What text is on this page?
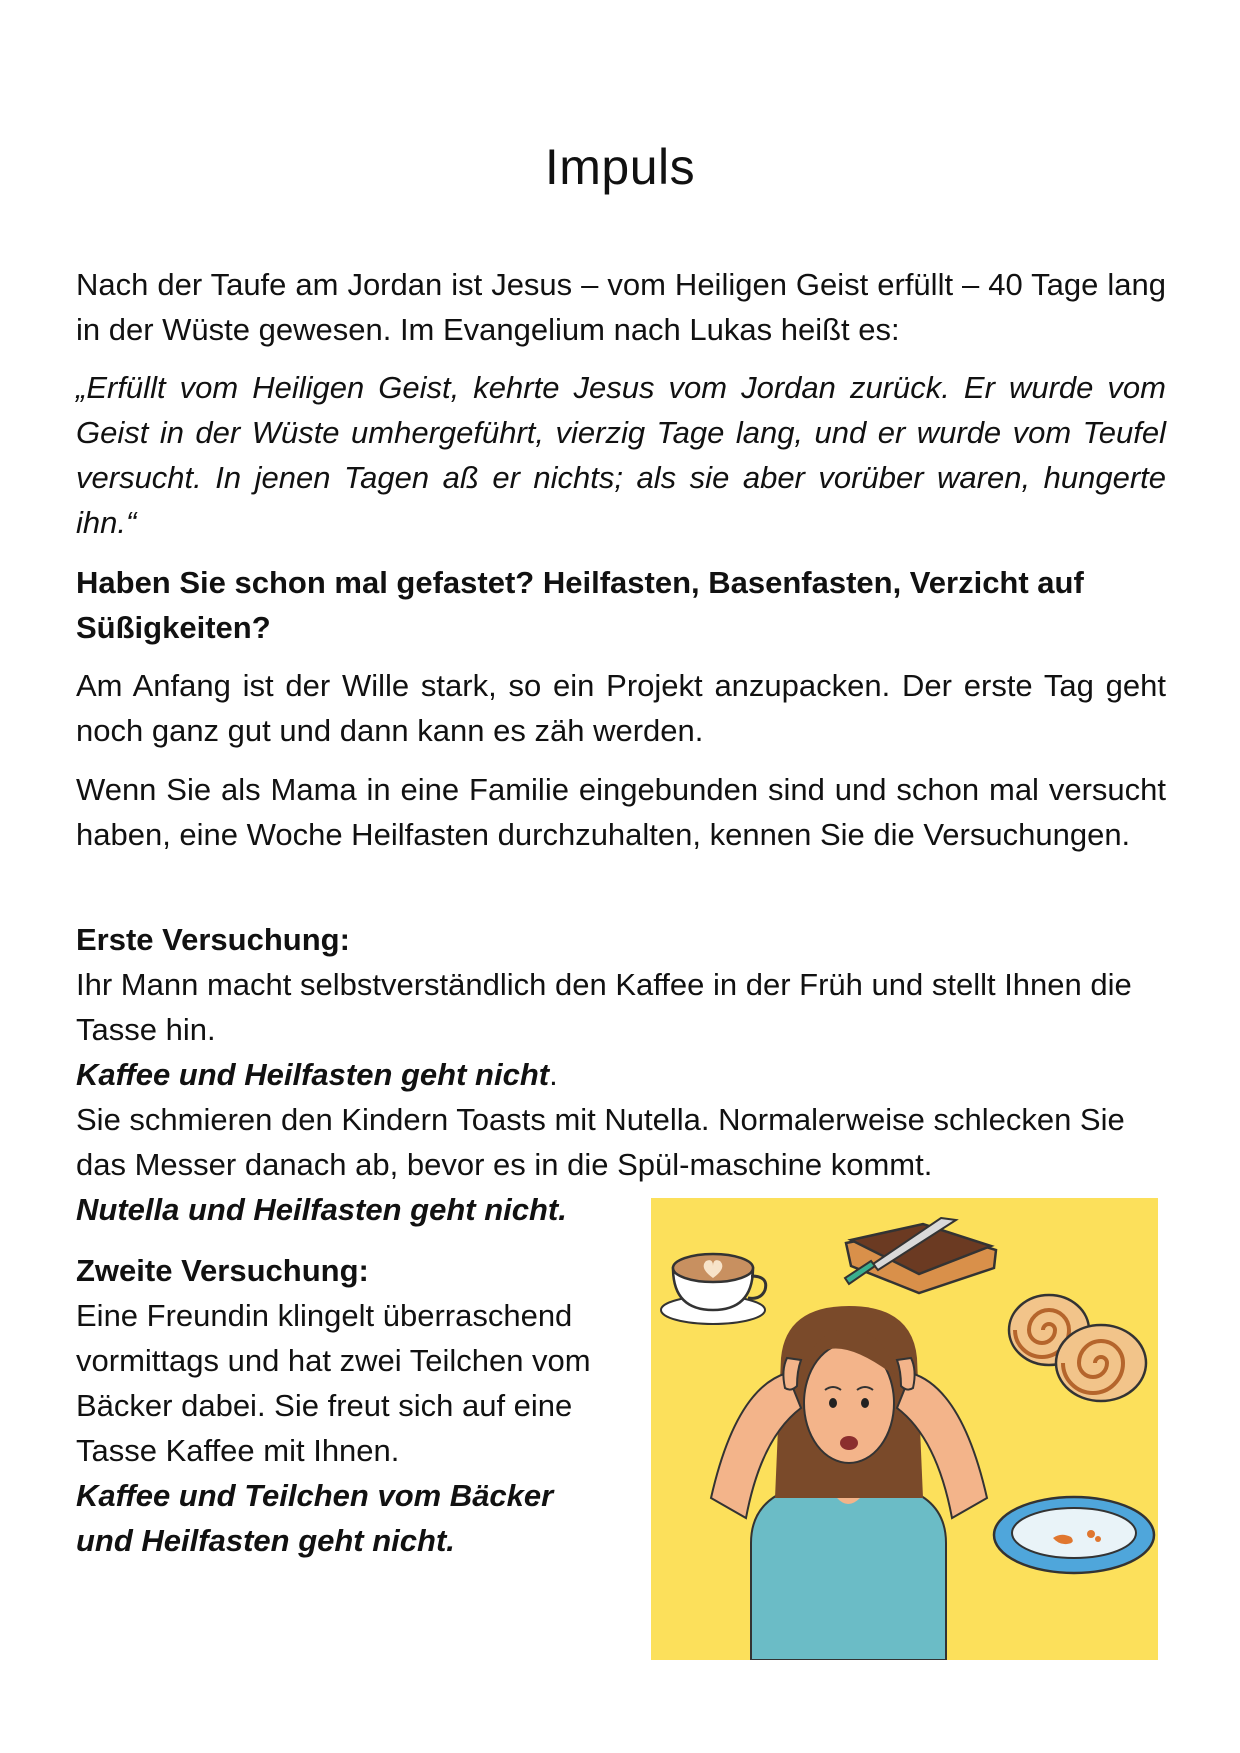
Impuls

Nach der Taufe am Jordan ist Jesus – vom Heiligen Geist erfüllt – 40 Tage lang in der Wüste gewesen. Im Evangelium nach Lukas heißt es:

„Erfüllt vom Heiligen Geist, kehrte Jesus vom Jordan zurück. Er wurde vom Geist in der Wüste umhergeführt, vierzig Tage lang, und er wurde vom Teufel versucht. In jenen Tagen aß er nichts; als sie aber vorüber waren, hungerte ihn.“

Haben Sie schon mal gefastet? Heilfasten, Basenfasten, Verzicht auf Süßigkeiten?

Am Anfang ist der Wille stark, so ein Projekt anzupacken. Der erste Tag geht noch ganz gut und dann kann es zäh werden.

Wenn Sie als Mama in eine Familie eingebunden sind und schon mal versucht haben, eine Woche Heilfasten durchzuhalten, kennen Sie die Versuchungen.

Erste Versuchung:
Ihr Mann macht selbstverständlich den Kaffee in der Früh und stellt Ihnen die Tasse hin.
Kaffee und Heilfasten geht nicht.
Sie schmieren den Kindern Toasts mit Nutella. Normalerweise schlecken Sie das Messer danach ab, bevor es in die Spül-maschine kommt.
Nutella und Heilfasten geht nicht.
Zweite Versuchung:
Eine Freundin klingelt überraschend
vormittags und hat zwei Teilchen vom
Bäcker dabei. Sie freut sich auf eine
Tasse Kaffee mit Ihnen.
Kaffee und Teilchen vom Bäcker
und Heilfasten geht nicht.
